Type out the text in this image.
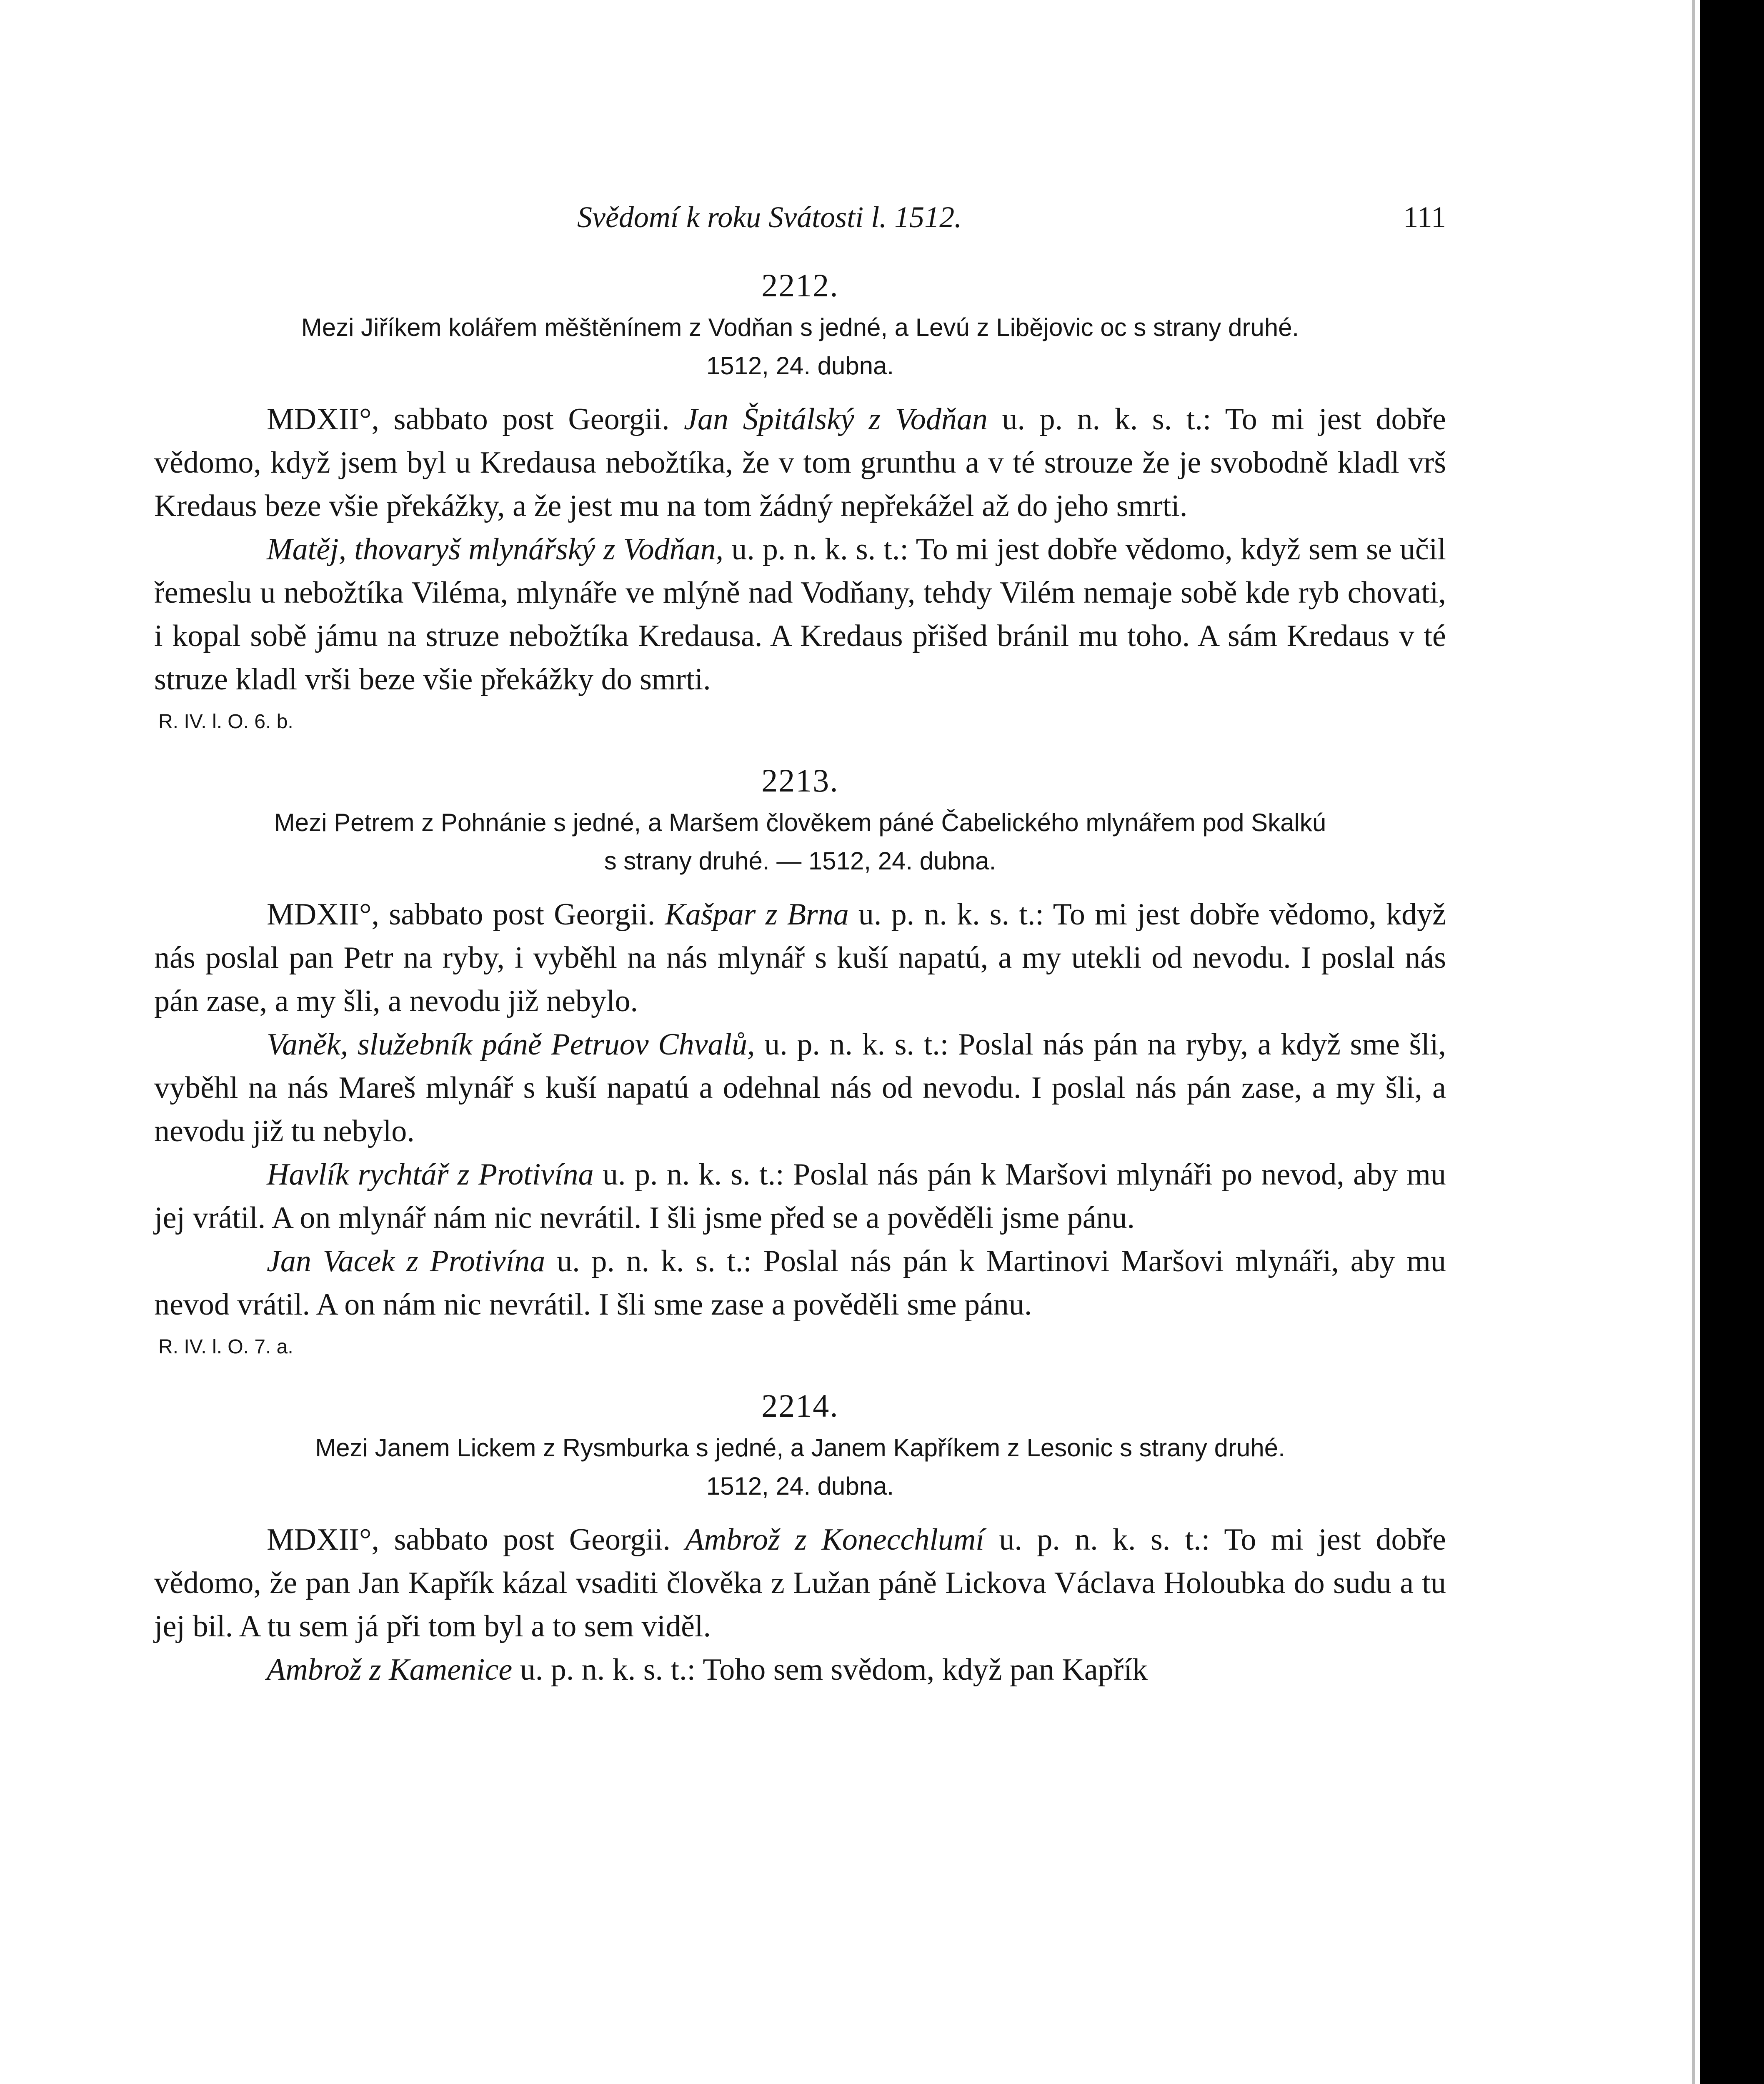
Svědomí k roku Svátosti l. 1512.	111
2212.
Mezi Jiříkem kolářem měštěnínem z Vodňan s jedné, a Levú z Libějovic oc s strany druhé.
1512, 24. dubna.

MDXII°, sabbato post Georgii. Jan Špitálský z Vodňan u. p. n. k. s. t.: To mi jest dobře vědomo, když jsem byl u Kredausa nebožtíka, že v tom grunthu a v té strouze že je svobodně kladl vrš Kredaus beze všie překážky, a že jest mu na tom žádný nepřekážel až do jeho smrti.

Matěj, thovaryš mlynářský z Vodňan, u. p. n. k. s. t.: To mi jest dobře vědomo, když sem se učil řemeslu u nebožtíka Viléma, mlynáře ve mlýně nad Vodňany, tehdy Vilém nemaje sobě kde ryb chovati, i kopal sobě jámu na struze nebožtíka Kredausa. A Kredaus přišed bránil mu toho. A sám Kredaus v té struze kladl vrši beze všie překážky do smrti.

R. IV. l. O. 6. b.
2213.
Mezi Petrem z Pohnánie s jedné, a Maršem člověkem páné Čabelického mlynářem pod Skalkú
s strany druhé. — 1512, 24. dubna.

MDXII°, sabbato post Georgii. Kašpar z Brna u. p. n. k. s. t.: To mi jest dobře vědomo, když nás poslal pan Petr na ryby, i vyběhl na nás mlynář s kuší napatú, a my utekli od nevodu. I poslal nás pán zase, a my šli, a nevodu již nebylo.

Vaněk, služebník páně Petruov Chvalů, u. p. n. k. s. t.: Poslal nás pán na ryby, a když sme šli, vyběhl na nás Mareš mlynář s kuší napatú a odehnal nás od nevodu. I poslal nás pán zase, a my šli, a nevodu již tu nebylo.

Havlík rychtář z Protivína u. p. n. k. s. t.: Poslal nás pán k Maršovi mlynáři po nevod, aby mu jej vrátil. A on mlynář nám nic nevrátil. I šli jsme před se a pověděli jsme pánu.

Jan Vacek z Protivína u. p. n. k. s. t.: Poslal nás pán k Martinovi Maršovi mlynáři, aby mu nevod vrátil. A on nám nic nevrátil. I šli sme zase a pověděli sme pánu.

R. IV. l. O. 7. a.
2214.
Mezi Janem Lickem z Rysmburka s jedné, a Janem Kapříkem z Lesonic s strany druhé.
1512, 24. dubna.

MDXII°, sabbato post Georgii. Ambrož z Konecchlumí u. p. n. k. s. t.: To mi jest dobře vědomo, že pan Jan Kapřík kázal vsaditi člověka z Lužan páně Lickova Václava Holoubka do sudu a tu jej bil. A tu sem já při tom byl a to sem viděl.

Ambrož z Kamenice u. p. n. k. s. t.: Toho sem svědom, když pan Kapřík
